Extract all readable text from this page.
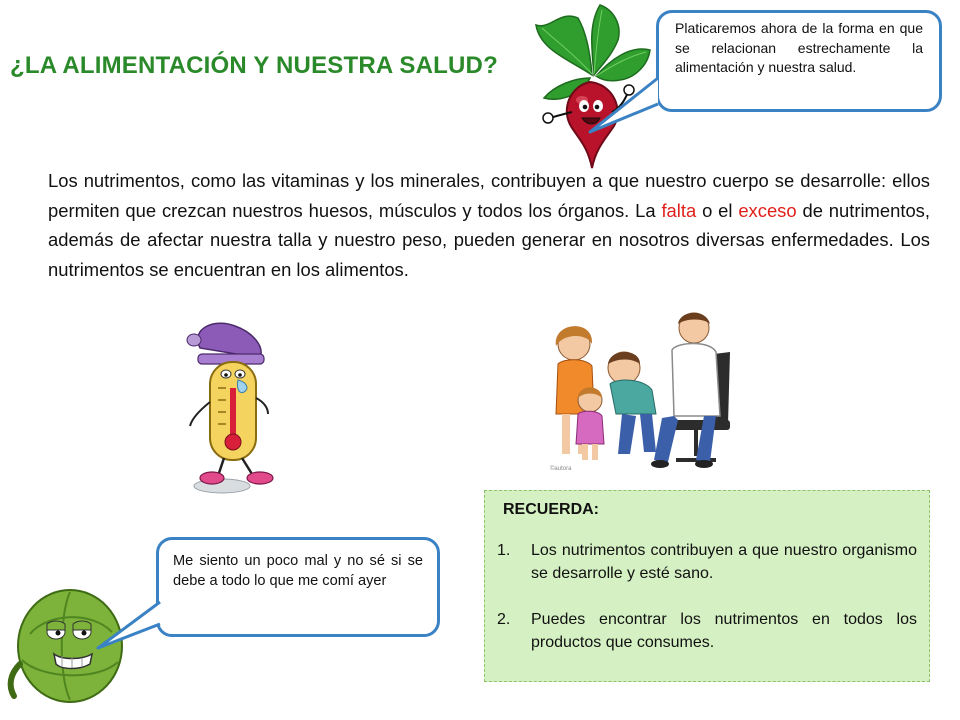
¿LA ALIMENTACIÓN Y NUESTRA SALUD?
Platicaremos ahora de la forma en que se relacionan estrechamente la alimentación y nuestra salud.
Los nutrimentos, como las vitaminas y los minerales, contribuyen a que nuestro cuerpo se desarrolle: ellos permiten que crezcan nuestros huesos, músculos y todos los órganos. La falta o el exceso de nutrimentos, además de afectar nuestra talla y nuestro peso, pueden generar en nosotros diversas enfermedades. Los nutrimentos se encuentran en los alimentos.
©autora
Me siento un poco mal y no sé si se debe a todo lo que me comí ayer
RECUERDA:
1.	Los nutrimentos contribuyen a que nuestro organismo se desarrolle y esté sano.
2.	Puedes encontrar los nutrimentos en todos los productos que consumes.
